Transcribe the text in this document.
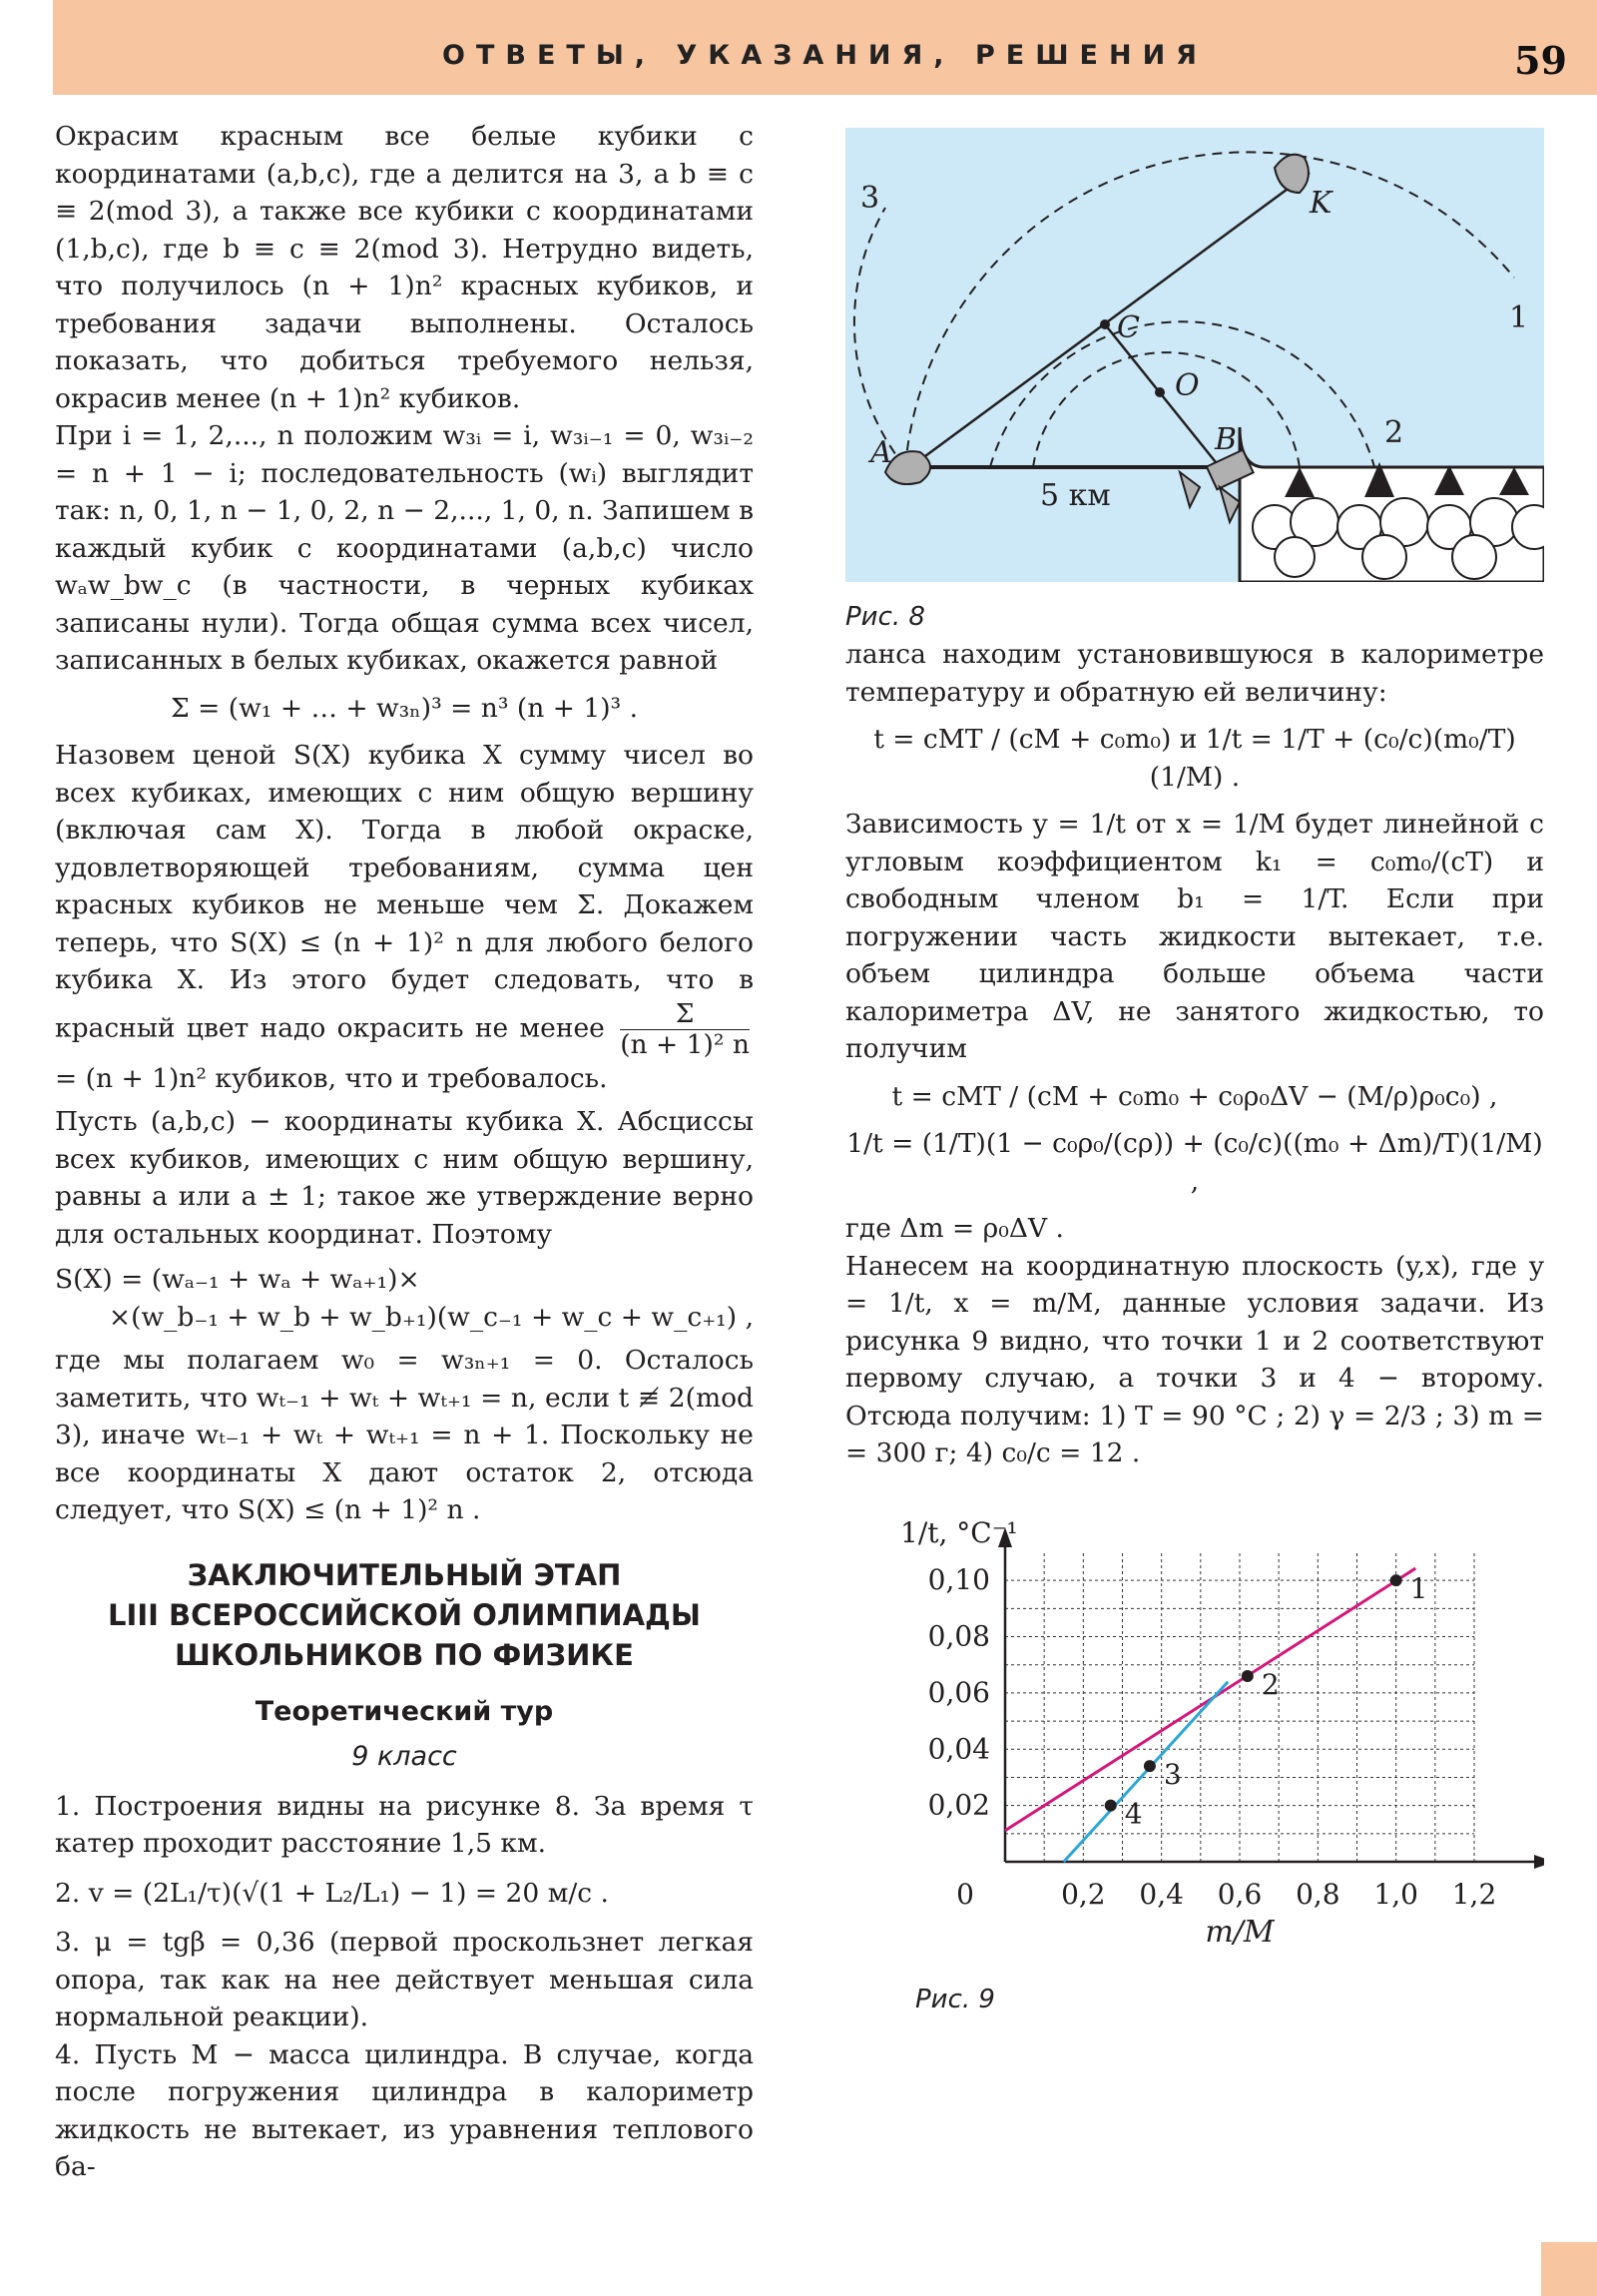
ОТВЕТЫ, УКАЗАНИЯ, РЕШЕНИЯ	59

Окрасим красным все белые кубики с координатами (a,b,c), где a делится на 3, а b ≡ c ≡ 2(mod 3), а также все кубики с координатами (1,b,c), где b ≡ c ≡ 2(mod 3). Нетрудно видеть, что получилось (n + 1)n² красных кубиков, и требования задачи выполнены. Осталось показать, что добиться требуемого нельзя, окрасив менее (n + 1)n² кубиков.

При i = 1, 2,..., n положим w₃ᵢ = i, w₃ᵢ₋₁ = 0, w₃ᵢ₋₂ = n + 1 − i; последовательность (wᵢ) выглядит так: n, 0, 1, n − 1, 0, 2, n − 2,..., 1, 0, n. Запишем в каждый кубик с координатами (a,b,c) число wₐw_bw_c (в частности, в черных кубиках записаны нули). Тогда общая сумма всех чисел, записанных в белых кубиках, окажется равной

Σ = (w₁ + … + w₃ₙ)³ = n³ (n + 1)³ .

Назовем ценой S(X) кубика X сумму чисел во всех кубиках, имеющих с ним общую вершину (включая сам X). Тогда в любой окраске, удовлетворяющей требованиям, сумма цен красных кубиков не меньше чем Σ. Докажем теперь, что S(X) ≤ (n + 1)² n для любого белого кубика X. Из этого будет следовать, что в красный цвет надо окрасить не менее $\frac{\Sigma}{\text{(n + 1)² n}}$
= (n + 1)n² кубиков, что и требовалось.

Пусть (a,b,c) − координаты кубика X. Абсциссы всех кубиков, имеющих с ним общую вершину, равны a или a ± 1; такое же утверждение верно для остальных координат. Поэтому

S(X) = (wₐ₋₁ + wₐ + wₐ₊₁)×
×(w_b₋₁ + w_b + w_b₊₁)(w_c₋₁ + w_c + w_c₊₁) ,

где мы полагаем w₀ = w₃ₙ₊₁ = 0. Осталось заметить, что wₜ₋₁ + wₜ + wₜ₊₁ = n, если t ≢ 2(mod 3), иначе wₜ₋₁ + wₜ + wₜ₊₁ = n + 1. Поскольку не все координаты X дают остаток 2, отсюда следует, что S(X) ≤ (n + 1)² n .

ЗАКЛЮЧИТЕЛЬНЫЙ ЭТАП
LIII ВСЕРОССИЙСКОЙ ОЛИМПИАДЫ
ШКОЛЬНИКОВ ПО ФИЗИКЕ
Теоретический тур
9 класс

1. Построения видны на рисунке 8. За время τ катер проходит расстояние 1,5 км.

2. v = (2L₁/τ)(√(1 + L₂/L₁) − 1) = 20 м/с .

3. μ = tgβ = 0,36 (первой проскользнет легкая опора, так как на нее действует меньшая сила нормальной реакции).

4. Пусть M − масса цилиндра. В случае, когда после погружения цилиндра в калориметр жидкость не вытекает, из уравнения теплового ба-

A	B
C
O
K
1
2
3
5 км
Рис. 8

ланса находим установившуюся в калориметре температуру и обратную ей величину:

t = cMT / (cM + c₀m₀) и 1/t = 1/T + (c₀/c)(m₀/T)(1/M) .

Зависимость y = 1/t от x = 1/M будет линейной с угловым коэффициентом k₁ = c₀m₀/(cT) и свободным членом b₁ = 1/T. Если при погружении часть жидкости вытекает, т.е. объем цилиндра больше объема части калориметра ΔV, не занятого жидкостью, то получим

t = cMT / (cM + c₀m₀ + c₀ρ₀ΔV − (M/ρ)ρ₀c₀) ,
1/t = (1/T)(1 − c₀ρ₀/(cρ)) + (c₀/c)((m₀ + Δm)/T)(1/M) ,

где Δm = ρ₀ΔV .

Нанесем на координатную плоскость (y,x), где y = 1/t, x = m/M, данные условия задачи. Из рисунка 9 видно, что точки 1 и 2 соответствуют первому случаю, а точки 3 и 4 − второму. Отсюда получим: 1) T = 90 °C ; 2) γ = 2/3 ; 3) m = = 300 г; 4) c₀/c = 12 .

0,02
0,04
0,06
0,08
0,10
0	0,2 0,4 0,6 0,8 1,0 1,2
m/M
1/t, °C⁻¹
1
2
3
4
Рис. 9
